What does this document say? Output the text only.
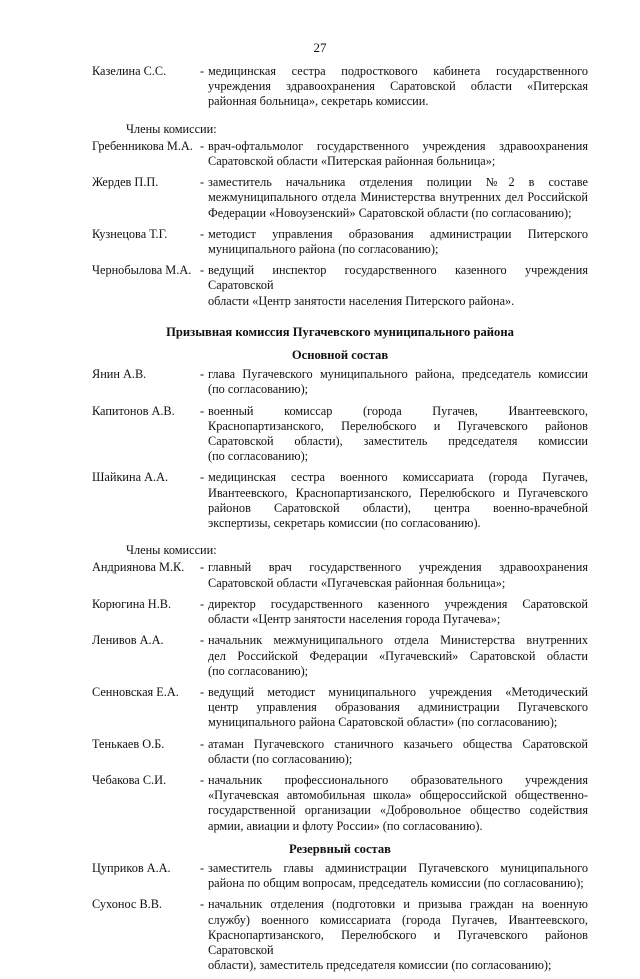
27
Казелина С.С.	- медицинская сестра подросткового кабинета государственного
учреждения здравоохранения Саратовской области «Питерская
районная больница», секретарь комиссии.
Члены комиссии:
Гребенникова М.А. - врач-офтальмолог государственного учреждения здравоохранения
Саратовской области «Питерская районная больница»;
Жердев П.П.	- заместитель начальника отделения полиции №2 в составе
межмуниципального отдела Министерства внутренних дел Российской
Федерации «Новоузенский» Саратовской области (по согласованию);
Кузнецова Т.Г.	- методист управления образования администрации Питерского
муниципального района (по согласованию);
Чернобылова М.А. - ведущий инспектор государственного казенного учреждения Саратовской
области «Центр занятости населения Питерского района».
Призывная комиссия Пугачевского муниципального района
Основной состав
Янин А.В.	- глава Пугачевского муниципального района, председатель комиссии
(по согласованию);
Капитонов А.В.	- военный комиссар (города Пугачев, Ивантеевского,
Краснопартизанского, Перелюбского и Пугачевского районов
Саратовской области), заместитель председателя комиссии
(по согласованию);
Шайкина А.А.	- медицинская сестра военного комиссариата (города Пугачев,
Ивантеевского, Краснопартизанского, Перелюбского и Пугачевского
районов Саратовской области), центра военно-врачебной
экспертизы, секретарь комиссии (по согласованию).
Члены комиссии:
Андриянова М.К.	- главный врач государственного учреждения здравоохранения
Саратовской области «Пугачевская районная больница»;
Корюгина Н.В.	- директор государственного казенного учреждения Саратовской
области «Центр занятости населения города Пугачева»;
Ленивов А.А.	- начальник межмуниципального отдела Министерства внутренних
дел Российской Федерации «Пугачевский» Саратовской области
(по согласованию);
Сенновская Е.А.	- ведущий методист муниципального учреждения «Методический
центр управления образования администрации Пугачевского
муниципального района Саратовской области» (по согласованию);
Тенькаев О.Б.	- атаман Пугачевского станичного казачьего общества Саратовской
области (по согласованию);
Чебакова С.И.	- начальник профессионального образовательного учреждения
«Пугачевская автомобильная школа» общероссийской общественно-
государственной организации «Добровольное общество содействия
армии, авиации и флоту России» (по согласованию).
Резервный состав
Цуприков А.А.	- заместитель главы администрации Пугачевского муниципального
района по общим вопросам, председатель комиссии (по согласованию);
Сухонос В.В.	- начальник отделения (подготовки и призыва граждан на военную
службу) военного комиссариата (города Пугачев, Ивантеевского,
Краснопартизанского, Перелюбского и Пугачевского районов Саратовской
области), заместитель председателя комиссии (по согласованию);
